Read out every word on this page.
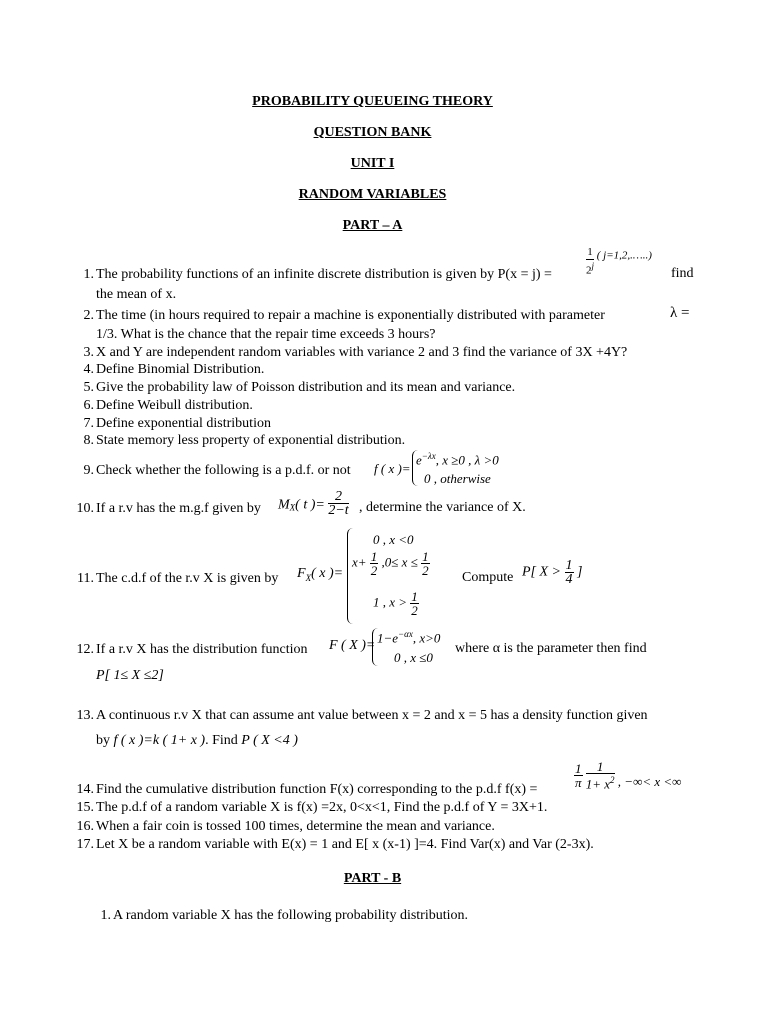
PROBABILITY QUEUEING THEORY
QUESTION BANK
UNIT I
RANDOM VARIABLES
PART – A
1. The probability functions of an infinite discrete distribution is given by P(x = j) =
the mean of x.
$\frac{1}{2^j}$ ( j=1,2,.…..)
find
2. The time (in hours required to repair a machine is exponentially distributed with parameter
1/3. What is the chance that the repair time exceeds 3 hours?
λ =
3. X and Y are independent random variables with variance 2 and 3 find the variance of 3X +4Y?
4. Define Binomial Distribution.
5. Give the probability law of Poisson distribution and its mean and variance.
6. Define Weibull distribution.
7. Define exponential distribution
8. State memory less property of exponential distribution.
9. Check whether the following is a p.d.f. or not f ( x )=
$e^{-\lambda x}$, x ≥0 , λ >0
0 , otherwise
10. If a r.v has the m.g.f given by $M_X$( t )= $\frac{2}{2-t}$ , determine the variance of X.
11. The c.d.f of the r.v X is given by $F_X$( x )=
0 , x <0
$x+ \frac{1}{2} ,0\le x \le \frac{1}{2}$
1 , $x > \frac{1}{2}$
Compute P[ $X > \frac{1}{4}$ ]
12. If a r.v X has the distribution function F ( X )=
$1-e^{-\alpha x}$, x>0
0 , x ≤0
where α is the parameter then find
P[ 1≤ X ≤2]
13. A continuous r.v X that can assume ant value between x = 2 and x = 5 has a density function given
by f ( x )=k ( 1+ x ). Find P ( X <4 )
14. Find the cumulative distribution function F(x) corresponding to the p.d.f f(x) =
$\frac{1}{\pi}$
$\frac{1}{1+ x^2}$ , −∞< x <∞
15. The p.d.f of a random variable X is f(x) =2x, 0<x<1, Find the p.d.f of Y = 3X+1.
16. When a fair coin is tossed 100 times, determine the mean and variance.
17. Let X be a random variable with E(x) = 1 and E[ x (x-1) ]=4. Find Var(x) and Var (2-3x).
PART - B
1. A random variable X has the following probability distribution.
